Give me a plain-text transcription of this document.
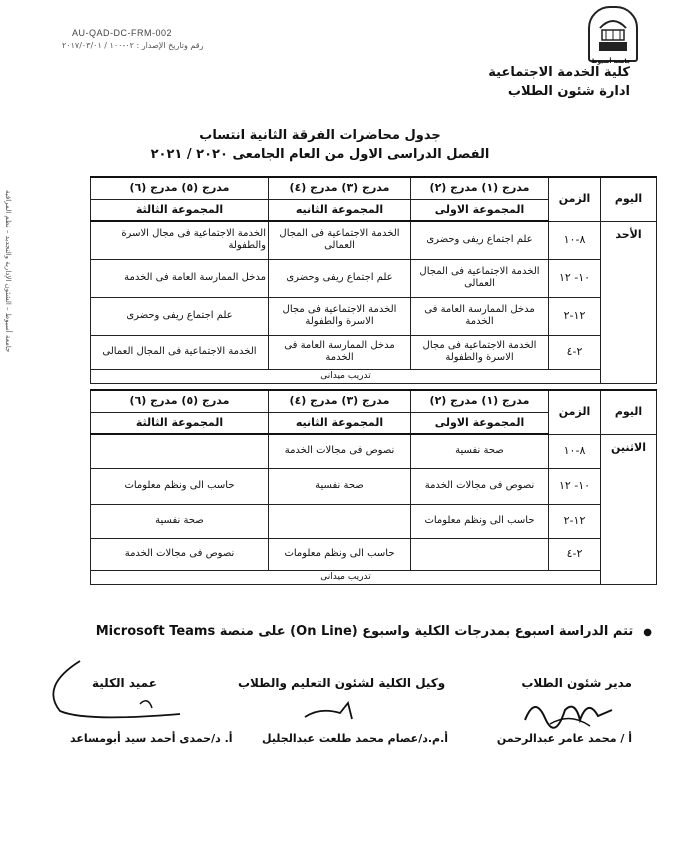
AU-QAD-DC-FRM-002
رقم وتاريخ الإصدار : ٠٢-١٠٠ / ٢٠١٧/٠٣/٠١
جامعة أسيوط
كلية الخدمة الاجتماعية
ادارة شئون الطلاب
جدول محاضرات الفرقة الثانية انتساب
الفصل الدراسى الاول من العام الجامعى ٢٠٢٠ / ٢٠٢١
جامعة أسيوط – الشئون الإدارية والتجديد – نظم المراقبة	اليوم	الزمن	مدرج (١) مدرج (٢)	مدرج (٣) مدرج (٤)	مدرج (٥) مدرج (٦)
		المجموعة الاولى	المجموعة الثانيه	المجموعة الثالثة
الأحد	٨-١٠	علم اجتماع ريفى وحضرى	الخدمة الاجتماعية فى المجال العمالى	الخدمة الاجتماعية فى مجال الاسرة والطفولة
	١٠- ١٢	الخدمة الاجتماعية فى المجال العمالى	علم اجتماع ريفى وحضرى	مدخل الممارسة العامة فى الخدمة
	١٢-٢	مدخل الممارسة العامة فى الخدمة	الخدمة الاجتماعية فى مجال الاسرة والطفولة	علم اجتماع ريفى وحضرى
	٢-٤	الخدمة الاجتماعية فى مجال الاسرة والطفولة	مدخل الممارسة العامة فى الخدمة	الخدمة الاجتماعية فى المجال العمالى
	تدريب ميدانى			
اليوم	الزمن	مدرج (١) مدرج (٢)	مدرج (٣) مدرج (٤)	مدرج (٥) مدرج (٦)
		المجموعة الاولى	المجموعة الثانيه	المجموعة الثالثة
الاثنين	٨-١٠	صحة نفسية	نصوص فى مجالات الخدمة	
	١٠- ١٢	نصوص فى مجالات الخدمة	صحة نفسية	حاسب الى ونظم معلومات
	١٢-٢	حاسب الى ونظم معلومات		صحة نفسية
	٢-٤		حاسب الى ونظم معلومات	نصوص فى مجالات الخدمة
	تدريب ميدانى			
●تتم الدراسة اسبوع بمدرجات الكلية واسبوع (On Line) على منصة Microsoft Teams
مدير شئون الطلاب
وكيل الكلية لشئون التعليم والطلاب
عميد الكلية
أ / محمد عامر عبدالرحمن
أ.م.د/عصام محمد طلعت عبدالجليل
أ. د/حمدى أحمد سيد أبومساعد
